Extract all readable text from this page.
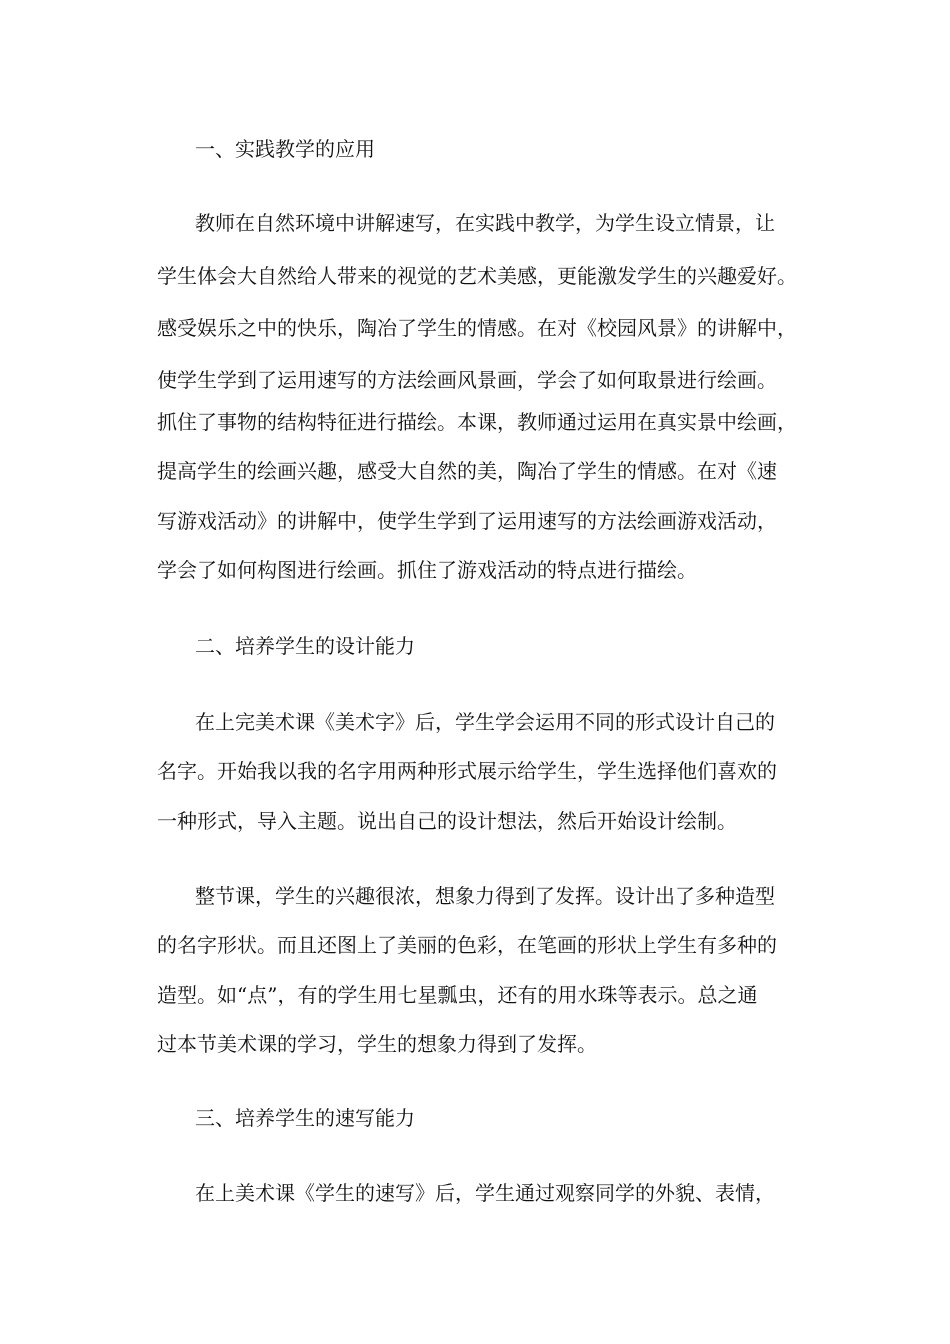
一、实践教学的应用

教师在自然环境中讲解速写，在实践中教学，为学生设立情景，让

学生体会大自然给人带来的视觉的艺术美感，更能激发学生的兴趣爱好。

感受娱乐之中的快乐，陶冶了学生的情感。在对《校园风景》的讲解中，

使学生学到了运用速写的方法绘画风景画，学会了如何取景进行绘画。

抓住了事物的结构特征进行描绘。本课，教师通过运用在真实景中绘画，

提高学生的绘画兴趣，感受大自然的美，陶冶了学生的情感。在对《速

写游戏活动》的讲解中，使学生学到了运用速写的方法绘画游戏活动，

学会了如何构图进行绘画。抓住了游戏活动的特点进行描绘。

二、培养学生的设计能力

在上完美术课《美术字》后，学生学会运用不同的形式设计自己的

名字。开始我以我的名字用两种形式展示给学生，学生选择他们喜欢的

一种形式，导入主题。说出自己的设计想法，然后开始设计绘制。

整节课，学生的兴趣很浓，想象力得到了发挥。设计出了多种造型

的名字形状。而且还图上了美丽的色彩，在笔画的形状上学生有多种的

造型。如“点”，有的学生用七星瓢虫，还有的用水珠等表示。总之通

过本节美术课的学习，学生的想象力得到了发挥。

三、培养学生的速写能力

在上美术课《学生的速写》后，学生通过观察同学的外貌、表情，
